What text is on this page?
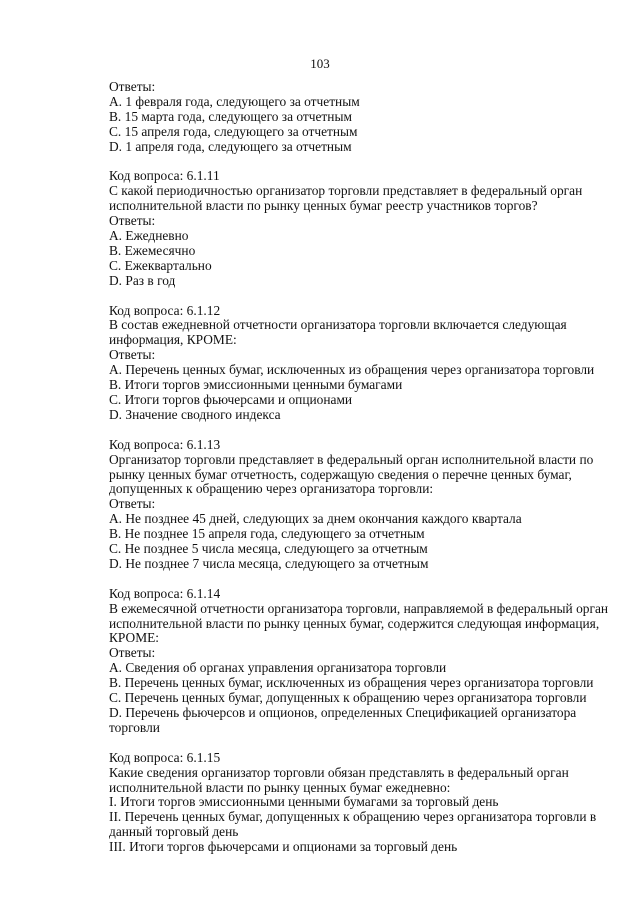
103
Ответы:
A. 1 февраля года, следующего за отчетным
B. 15 марта года, следующего за отчетным
C. 15 апреля года, следующего за отчетным
D. 1 апреля года, следующего за отчетным
Код вопроса: 6.1.11
С какой периодичностью организатор торговли представляет в федеральный орган
исполнительной власти по рынку ценных бумаг реестр участников торгов?
Ответы:
A. Ежедневно
B. Ежемесячно
C. Ежеквартально
D. Раз в год
Код вопроса: 6.1.12
В состав ежедневной отчетности организатора торговли включается следующая
информация, КРОМЕ:
Ответы:
A. Перечень ценных бумаг, исключенных из обращения через организатора торговли
B. Итоги торгов эмиссионными ценными бумагами
C. Итоги торгов фьючерсами и опционами
D. Значение сводного индекса
Код вопроса: 6.1.13
Организатор торговли представляет в федеральный орган исполнительной власти по
рынку ценных бумаг отчетность, содержащую сведения о перечне ценных бумаг,
допущенных к обращению через организатора торговли:
Ответы:
A. Не позднее 45 дней, следующих за днем окончания каждого квартала
B. Не позднее 15 апреля года, следующего за отчетным
C. Не позднее 5 числа месяца, следующего за отчетным
D. Не позднее 7 числа месяца, следующего за отчетным
Код вопроса: 6.1.14
В ежемесячной отчетности организатора торговли, направляемой в федеральный орган
исполнительной власти по рынку ценных бумаг, содержится следующая информация,
КРОМЕ:
Ответы:
A. Сведения об органах управления организатора торговли
B. Перечень ценных бумаг, исключенных из обращения через организатора торговли
C. Перечень ценных бумаг, допущенных к обращению через организатора торговли
D. Перечень фьючерсов и опционов, определенных Спецификацией организатора
торговли
Код вопроса: 6.1.15
Какие сведения организатор торговли обязан представлять в федеральный орган
исполнительной власти по рынку ценных бумаг ежедневно:
I. Итоги торгов эмиссионными ценными бумагами за торговый день
II. Перечень ценных бумаг, допущенных к обращению через организатора торговли в
данный торговый день
III. Итоги торгов фьючерсами и опционами за торговый день
